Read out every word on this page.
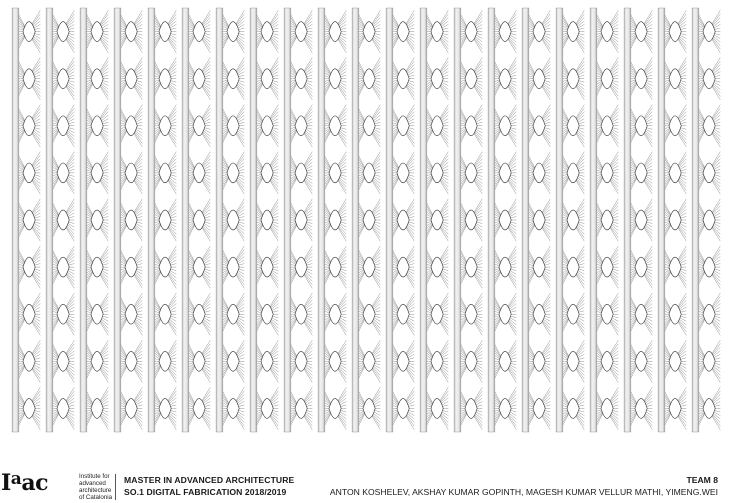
$I^aac$	Institute for
advanced
architecture
of Catalonia
MASTER IN ADVANCED ARCHITECTURE
SO.1 DIGITAL FABRICATION 2018/2019
TEAM 8
ANTON KOSHELEV, AKSHAY KUMAR GOPINTH, MAGESH KUMAR VELLUR MATHI, YIMENG.WEI
